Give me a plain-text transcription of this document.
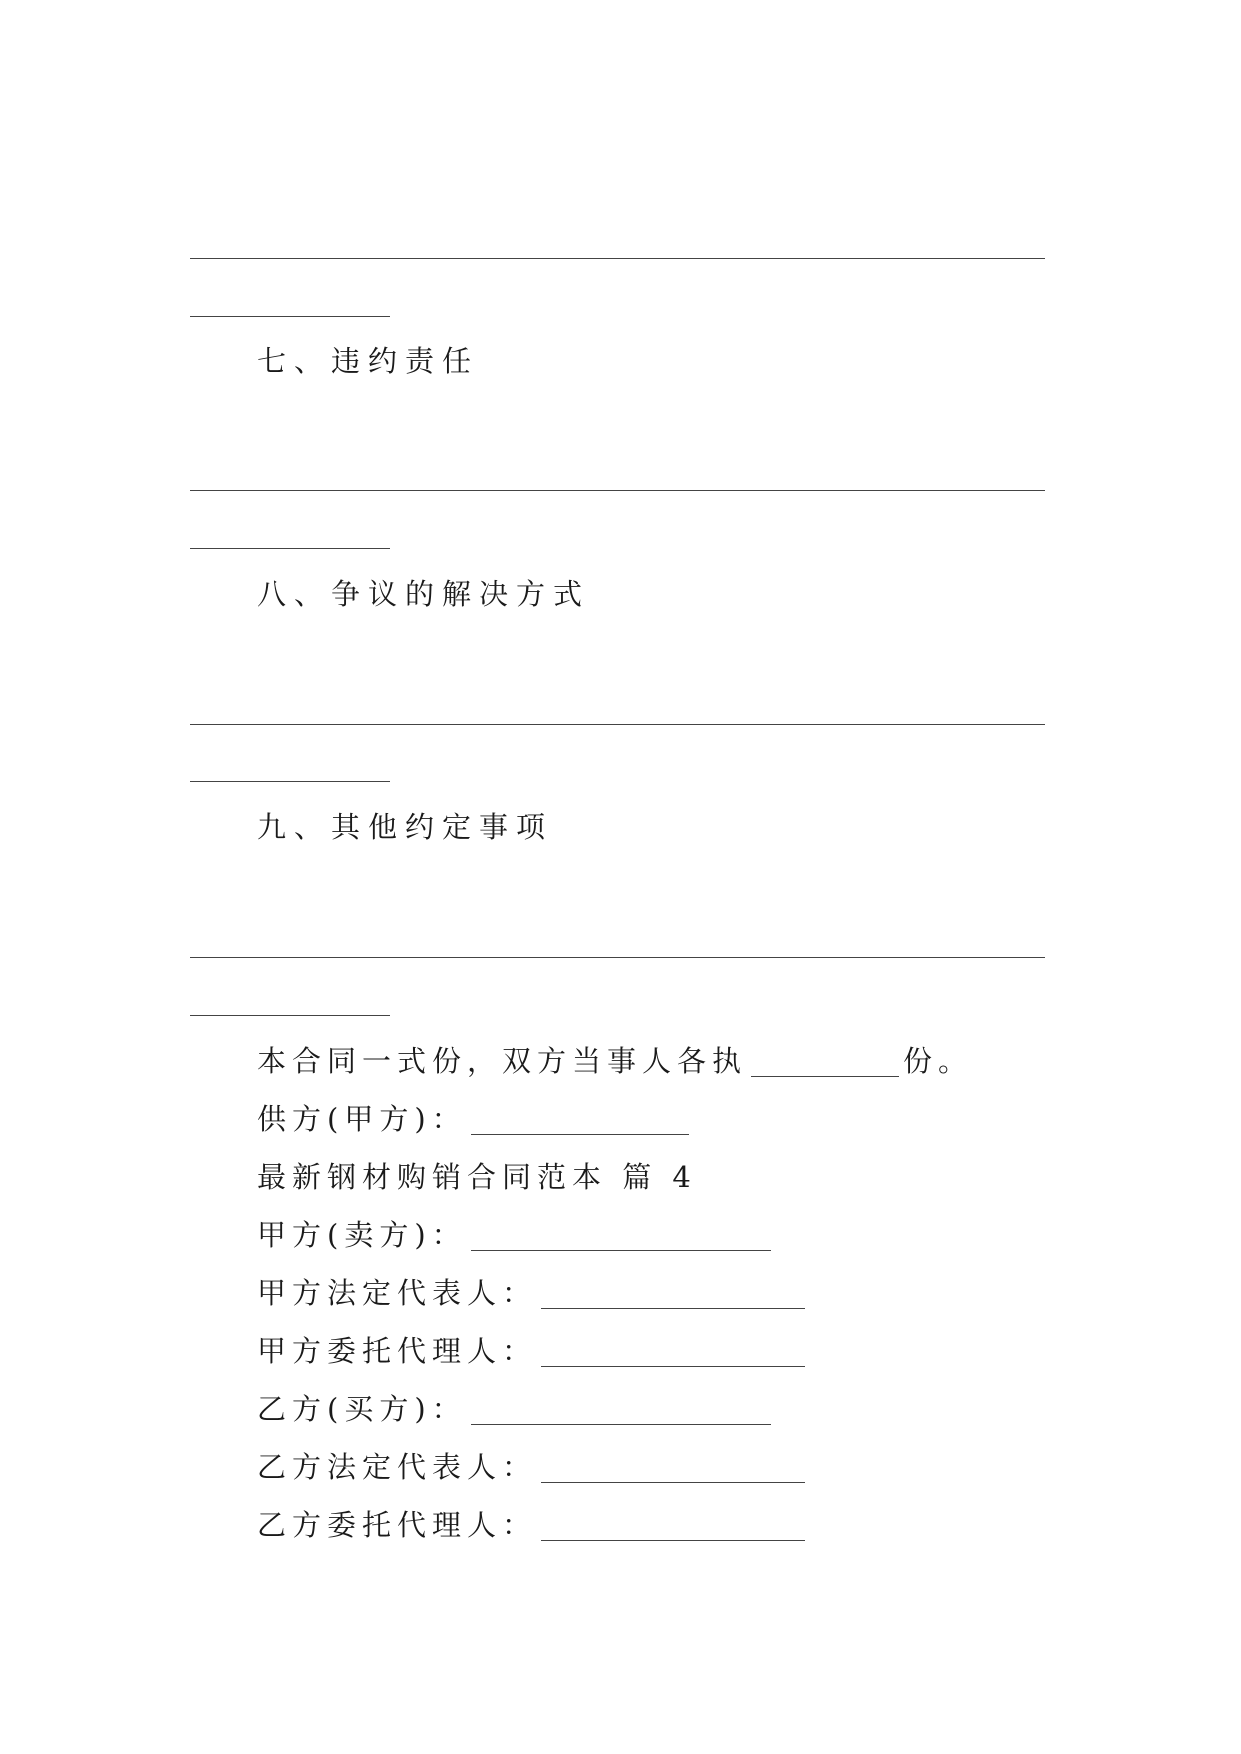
七、违约责任
八、争议的解决方式
九、其他约定事项
本合同一式份，双方当事人各执	份。
供方(甲方)：
最新钢材购销合同范本 篇 4
甲方(卖方)：
甲方法定代表人：
甲方委托代理人：
乙方(买方)：
乙方法定代表人：
乙方委托代理人：
